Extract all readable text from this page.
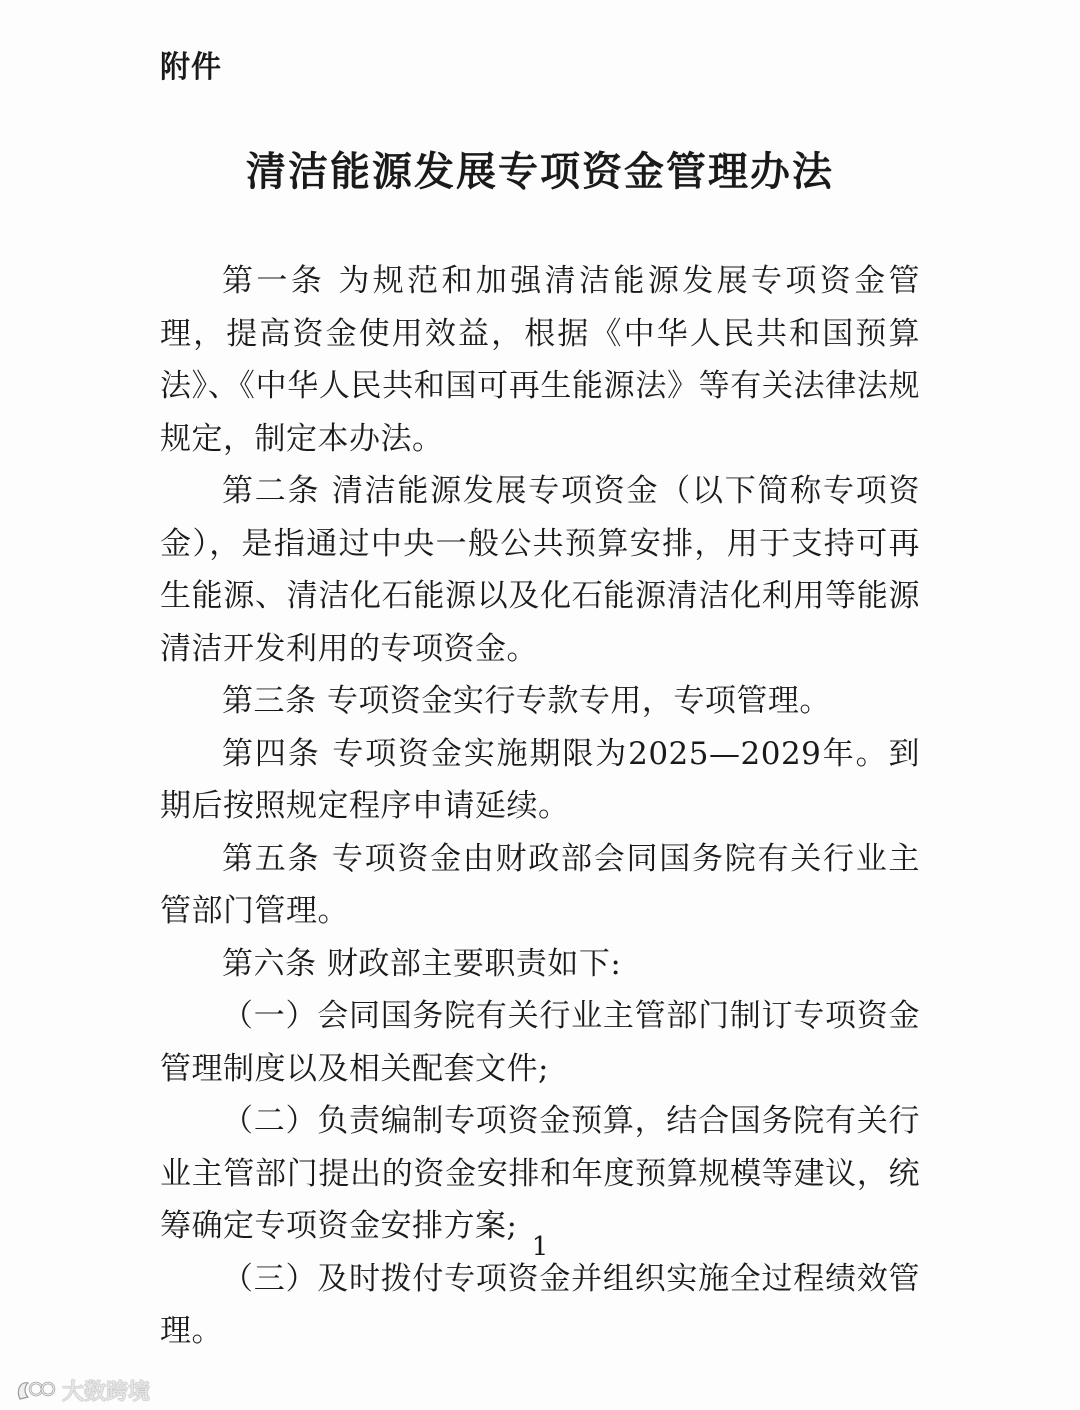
附件
清洁能源发展专项资金管理办法

第一条 为规范和加强清洁能源发展专项资金管理，提高资金使用效益，根据《中华人民共和国预算法》、《中华人民共和国可再生能源法》等有关法律法规规定，制定本办法。

第二条 清洁能源发展专项资金（以下简称专项资金），是指通过中央一般公共预算安排，用于支持可再生能源、清洁化石能源以及化石能源清洁化利用等能源清洁开发利用的专项资金。

第三条 专项资金实行专款专用，专项管理。

第四条 专项资金实施期限为2025—2029年。到期后按照规定程序申请延续。

第五条 专项资金由财政部会同国务院有关行业主管部门管理。

第六条 财政部主要职责如下:

（一）会同国务院有关行业主管部门制订专项资金管理制度以及相关配套文件;

（二）负责编制专项资金预算，结合国务院有关行业主管部门提出的资金安排和年度预算规模等建议，统筹确定专项资金安排方案;

（三）及时拨付专项资金并组织实施全过程绩效管理。

1
大数跨境
